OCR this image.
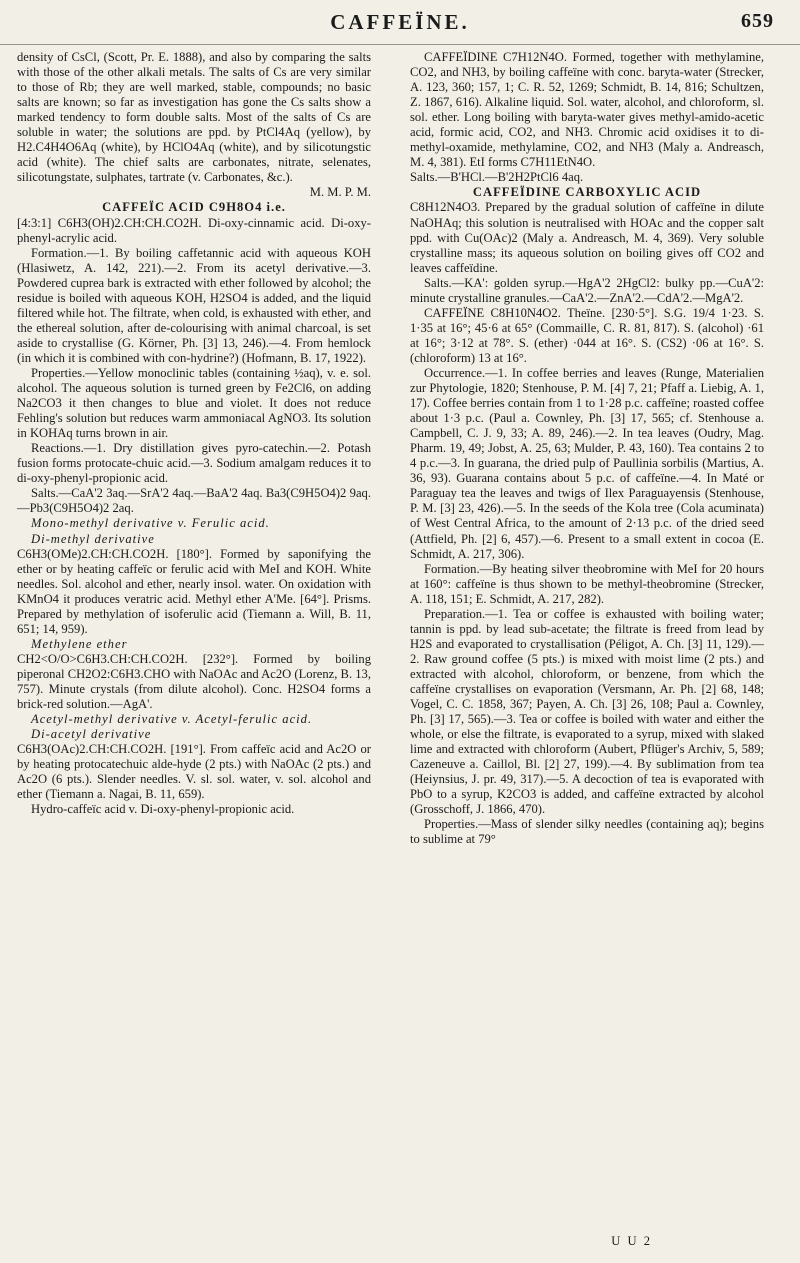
CAFFEÏNE.	659

density of CsCl, (Scott, Pr. E. 1888), and also by comparing the salts with those of the other alkali metals. The salts of Cs are very similar to those of Rb; they are well marked, stable, compounds; no basic salts are known; so far as investigation has gone the Cs salts show a marked tendency to form double salts. Most of the salts of Cs are soluble in water; the solutions are ppd. by PtCl4Aq (yellow), by H2.C4H4O6Aq (white), by HClO4Aq (white), and by silicotungstic acid (white). The chief salts are carbonates, nitrate, selenates, silicotungstate, sulphates, tartrate (v. Carbonates, &c.).

M. M. P. M.

CAFFEÏC ACID C9H8O4 i.e.

[4:3:1] C6H3(OH)2.CH:CH.CO2H. Di-oxy-cinnamic acid. Di-oxy-phenyl-acrylic acid.

Formation.—1. By boiling caffetannic acid with aqueous KOH (Hlasiwetz, A. 142, 221).—2. From its acetyl derivative.—3. Powdered cuprea bark is extracted with ether followed by alcohol; the residue is boiled with aqueous KOH, H2SO4 is added, and the liquid filtered while hot. The filtrate, when cold, is exhausted with ether, and the ethereal solution, after de-colourising with animal charcoal, is set aside to crystallise (G. Körner, Ph. [3] 13, 246).—4. From hemlock (in which it is combined with con-hydrine?) (Hofmann, B. 17, 1922).

Properties.—Yellow monoclinic tables (containing ½aq), v. e. sol. alcohol. The aqueous solution is turned green by Fe2Cl6, on adding Na2CO3 it then changes to blue and violet. It does not reduce Fehling's solution but reduces warm ammoniacal AgNO3. Its solution in KOHAq turns brown in air.

Reactions.—1. Dry distillation gives pyro-catechin.—2. Potash fusion forms protocate-chuic acid.—3. Sodium amalgam reduces it to di-oxy-phenyl-propionic acid.

Salts.—CaA'2 3aq.—SrA'2 4aq.—BaA'2 4aq. Ba3(C9H5O4)2 9aq.—Pb3(C9H5O4)2 2aq.

Mono-methyl derivative v. Ferulic acid.

Di-methyl derivative

C6H3(OMe)2.CH:CH.CO2H. [180°]. Formed by saponifying the ether or by heating caffeïc or ferulic acid with MeI and KOH. White needles. Sol. alcohol and ether, nearly insol. water. On oxidation with KMnO4 it produces veratric acid. Methyl ether A'Me. [64°]. Prisms. Prepared by methylation of isoferulic acid (Tiemann a. Will, B. 11, 651; 14, 959).

Methylene ether

CH2<O/O>C6H3.CH:CH.CO2H. [232°]. Formed by boiling piperonal CH2O2:C6H3.CHO with NaOAc and Ac2O (Lorenz, B. 13, 757). Minute crystals (from dilute alcohol). Conc. H2SO4 forms a brick-red solution.—AgA'.

Acetyl-methyl derivative v. Acetyl-ferulic acid.

Di-acetyl derivative

C6H3(OAc)2.CH:CH.CO2H. [191°]. From caffeïc acid and Ac2O or by heating protocatechuic alde-hyde (2 pts.) with NaOAc (2 pts.) and Ac2O (6 pts.). Slender needles. V. sl. sol. water, v. sol. alcohol and ether (Tiemann a. Nagai, B. 11, 659).

Hydro-caffeïc acid v. Di-oxy-phenyl-propionic acid.

CAFFEÏDINE C7H12N4O. Formed, together with methylamine, CO2, and NH3, by boiling caffeïne with conc. baryta-water (Strecker, A. 123, 360; 157, 1; C. R. 52, 1269; Schmidt, B. 14, 816; Schultzen, Z. 1867, 616). Alkaline liquid. Sol. water, alcohol, and chloroform, sl. sol. ether. Long boiling with baryta-water gives methyl-amido-acetic acid, formic acid, CO2, and NH3. Chromic acid oxidises it to di-methyl-oxamide, methylamine, CO2, and NH3 (Maly a. Andreasch, M. 4, 381). EtI forms C7H11EtN4O.

Salts.—B'HCl.—B'2H2PtCl6 4aq.

CAFFEÏDINE CARBOXYLIC ACID

C8H12N4O3. Prepared by the gradual solution of caffeïne in dilute NaOHAq; this solution is neutralised with HOAc and the copper salt ppd. with Cu(OAc)2 (Maly a. Andreasch, M. 4, 369). Very soluble crystalline mass; its aqueous solution on boiling gives off CO2 and leaves caffeïdine.

Salts.—KA': golden syrup.—HgA'2 2HgCl2: bulky pp.—CuA'2: minute crystalline granules.—CaA'2.—ZnA'2.—CdA'2.—MgA'2.

CAFFEÏNE C8H10N4O2. Theïne. [230·5°]. S.G. 19/4 1·23. S. 1·35 at 16°; 45·6 at 65° (Commaille, C. R. 81, 817). S. (alcohol) ·61 at 16°; 3·12 at 78°. S. (ether) ·044 at 16°. S. (CS2) ·06 at 16°. S. (chloroform) 13 at 16°.

Occurrence.—1. In coffee berries and leaves (Runge, Materialien zur Phytologie, 1820; Stenhouse, P. M. [4] 7, 21; Pfaff a. Liebig, A. 1, 17). Coffee berries contain from 1 to 1·28 p.c. caffeïne; roasted coffee about 1·3 p.c. (Paul a. Cownley, Ph. [3] 17, 565; cf. Stenhouse a. Campbell, C. J. 9, 33; A. 89, 246).—2. In tea leaves (Oudry, Mag. Pharm. 19, 49; Jobst, A. 25, 63; Mulder, P. 43, 160). Tea contains 2 to 4 p.c.—3. In guarana, the dried pulp of Paullinia sorbilis (Martius, A. 36, 93). Guarana contains about 5 p.c. of caffeïne.—4. In Maté or Paraguay tea the leaves and twigs of Ilex Paraguayensis (Stenhouse, P. M. [3] 23, 426).—5. In the seeds of the Kola tree (Cola acuminata) of West Central Africa, to the amount of 2·13 p.c. of the dried seed (Attfield, Ph. [2] 6, 457).—6. Present to a small extent in cocoa (E. Schmidt, A. 217, 306).

Formation.—By heating silver theobromine with MeI for 20 hours at 160°: caffeïne is thus shown to be methyl-theobromine (Strecker, A. 118, 151; E. Schmidt, A. 217, 282).

Preparation.—1. Tea or coffee is exhausted with boiling water; tannin is ppd. by lead sub-acetate; the filtrate is freed from lead by H2S and evaporated to crystallisation (Péligot, A. Ch. [3] 11, 129).—2. Raw ground coffee (5 pts.) is mixed with moist lime (2 pts.) and extracted with alcohol, chloroform, or benzene, from which the caffeïne crystallises on evaporation (Versmann, Ar. Ph. [2] 68, 148; Vogel, C. C. 1858, 367; Payen, A. Ch. [3] 26, 108; Paul a. Cownley, Ph. [3] 17, 565).—3. Tea or coffee is boiled with water and either the whole, or else the filtrate, is evaporated to a syrup, mixed with slaked lime and extracted with chloroform (Aubert, Pflüger's Archiv, 5, 589; Cazeneuve a. Caillol, Bl. [2] 27, 199).—4. By sublimation from tea (Heiynsius, J. pr. 49, 317).—5. A decoction of tea is evaporated with PbO to a syrup, K2CO3 is added, and caffeïne extracted by alcohol (Grosschoff, J. 1866, 470).

Properties.—Mass of slender silky needles (containing aq); begins to sublime at 79°

U U 2
